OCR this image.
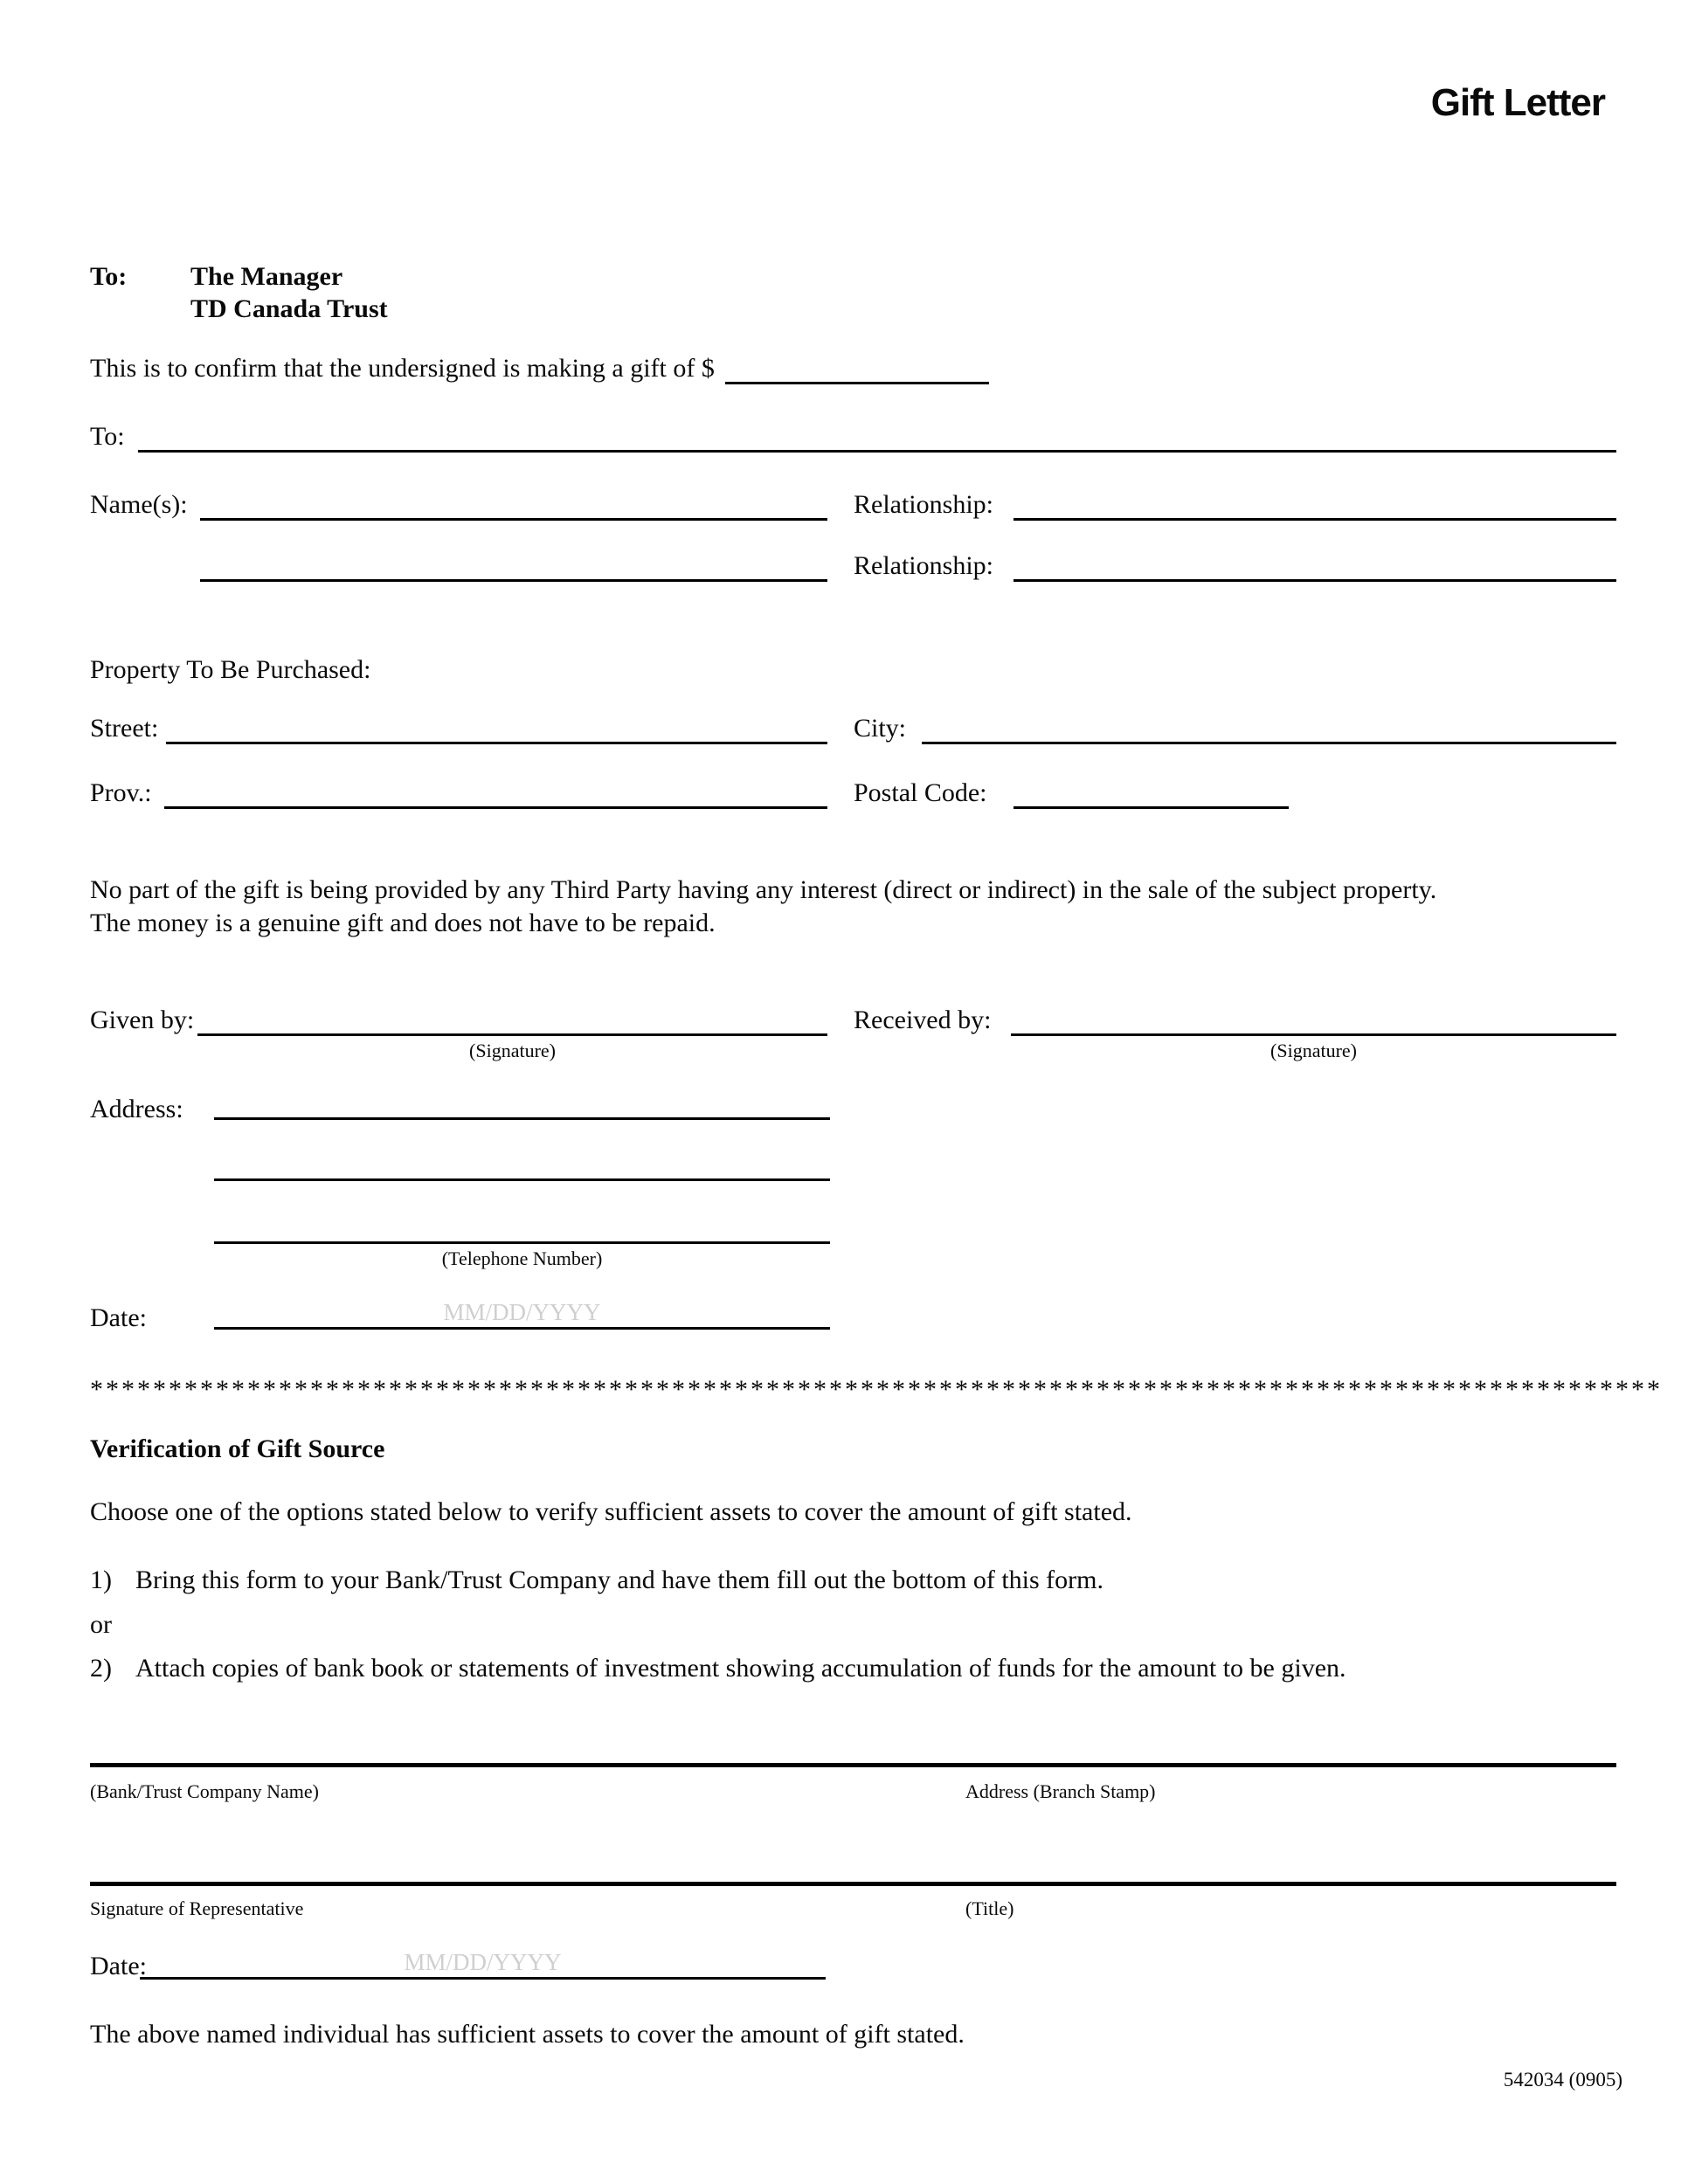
Gift Letter
To:	The Manager
TD Canada Trust
This is to confirm that the undersigned is making a gift of $
To:
Name(s):	Relationship:
Relationship:
Property To Be Purchased:
Street:	City:
Prov.:	Postal Code:
No part of the gift is being provided by any Third Party having any interest (direct or indirect) in the sale of the subject property.
The money is a genuine gift and does not have to be repaid.
Given by:	Received by:
(Signature)	(Signature)
Address:
(Telephone Number)
Date:	MM/DD/YYYY
****************************************************************************************************
Verification of Gift Source
Choose one of the options stated below to verify sufficient assets to cover the amount of gift stated.
1) Bring this form to your Bank/Trust Company and have them fill out the bottom of this form.
or
2) Attach copies of bank book or statements of investment showing accumulation of funds for the amount to be given.
(Bank/Trust Company Name)	Address (Branch Stamp)
Signature of Representative	(Title)
Date:	MM/DD/YYYY
The above named individual has sufficient assets to cover the amount of gift stated.
542034 (0905)
